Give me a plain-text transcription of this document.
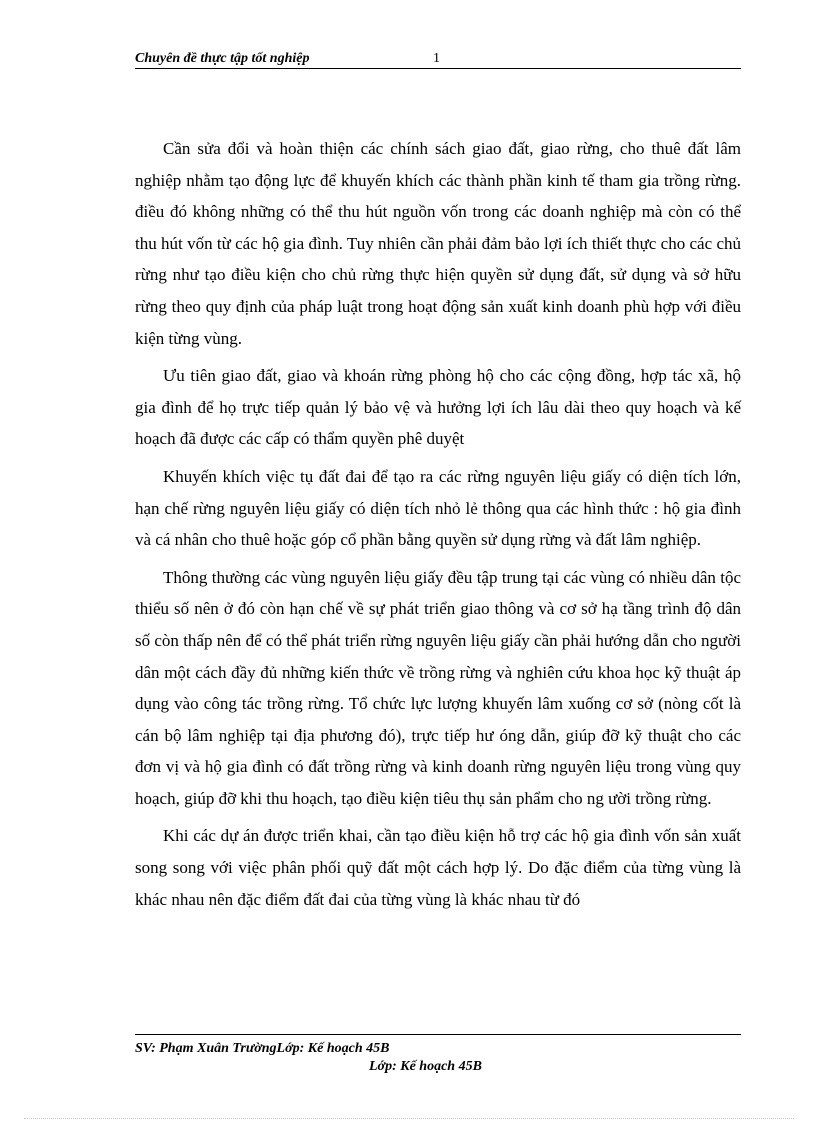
Chuyên đề thực tập tốt nghiệp	1

Cần sửa đổi và hoàn thiện các chính sách giao đất, giao rừng, cho thuê đất lâm nghiệp nhằm tạo động lực để khuyến khích các thành phần kinh tế tham gia trồng rừng. điều đó không những có thể thu hút nguồn vốn trong các doanh nghiệp mà còn có thể thu hút vốn từ các hộ gia đình. Tuy nhiên cần phải đảm bảo lợi ích thiết thực cho các chủ rừng như tạo điều kiện cho chủ rừng thực hiện quyền sử dụng đất, sử dụng và sở hữu rừng theo quy định của pháp luật trong hoạt động sản xuất kinh doanh phù hợp với điều kiện từng vùng.

Ưu tiên giao đất, giao và khoán rừng phòng hộ cho các cộng đồng, hợp tác xã, hộ gia đình để họ trực tiếp quản lý bảo vệ và hưởng lợi ích lâu dài theo quy hoạch và kế hoạch đã được các cấp có thẩm quyền phê duyệt

Khuyến khích việc tụ đất đai để tạo ra các rừng nguyên liệu giấy có diện tích lớn, hạn chế rừng nguyên liệu giấy có diện tích nhỏ lẻ thông qua các hình thức : hộ gia đình và cá nhân cho thuê hoặc góp cổ phần bằng quyền sử dụng rừng và đất lâm nghiệp.

Thông thường các vùng nguyên liệu giấy đều tập trung tại các vùng có nhiều dân tộc thiểu số nên ở đó còn hạn chế về sự phát triển giao thông và cơ sở hạ tầng trình độ dân số còn thấp nên để có thể phát triển rừng nguyên liệu giấy cần phải hướng dẫn cho người dân một cách đầy đủ những kiến thức về trồng rừng và nghiên cứu khoa học kỹ thuật áp dụng vào công tác trồng rừng. Tổ chức lực lượng khuyến lâm xuống cơ sở (nòng cốt là cán bộ lâm nghiệp tại địa phương đó), trực tiếp hư óng dẫn, giúp đỡ kỹ thuật cho các đơn vị và hộ gia đình có đất trồng rừng và kinh doanh rừng nguyên liệu trong vùng quy hoạch, giúp đỡ khi thu hoạch, tạo điều kiện tiêu thụ sản phẩm cho ng ười trồng rừng.

Khi các dự án được triển khai, cần tạo điều kiện hỗ trợ các hộ gia đình vốn sản xuất song song với việc phân phối quỹ đất một cách hợp lý. Do đặc điểm của từng vùng là khác nhau nên đặc điểm đất đai của từng vùng là khác nhau từ đó

SV: Phạm Xuân TrườngLớp: Kế hoạch 45B
Lớp: Kế hoạch 45B
